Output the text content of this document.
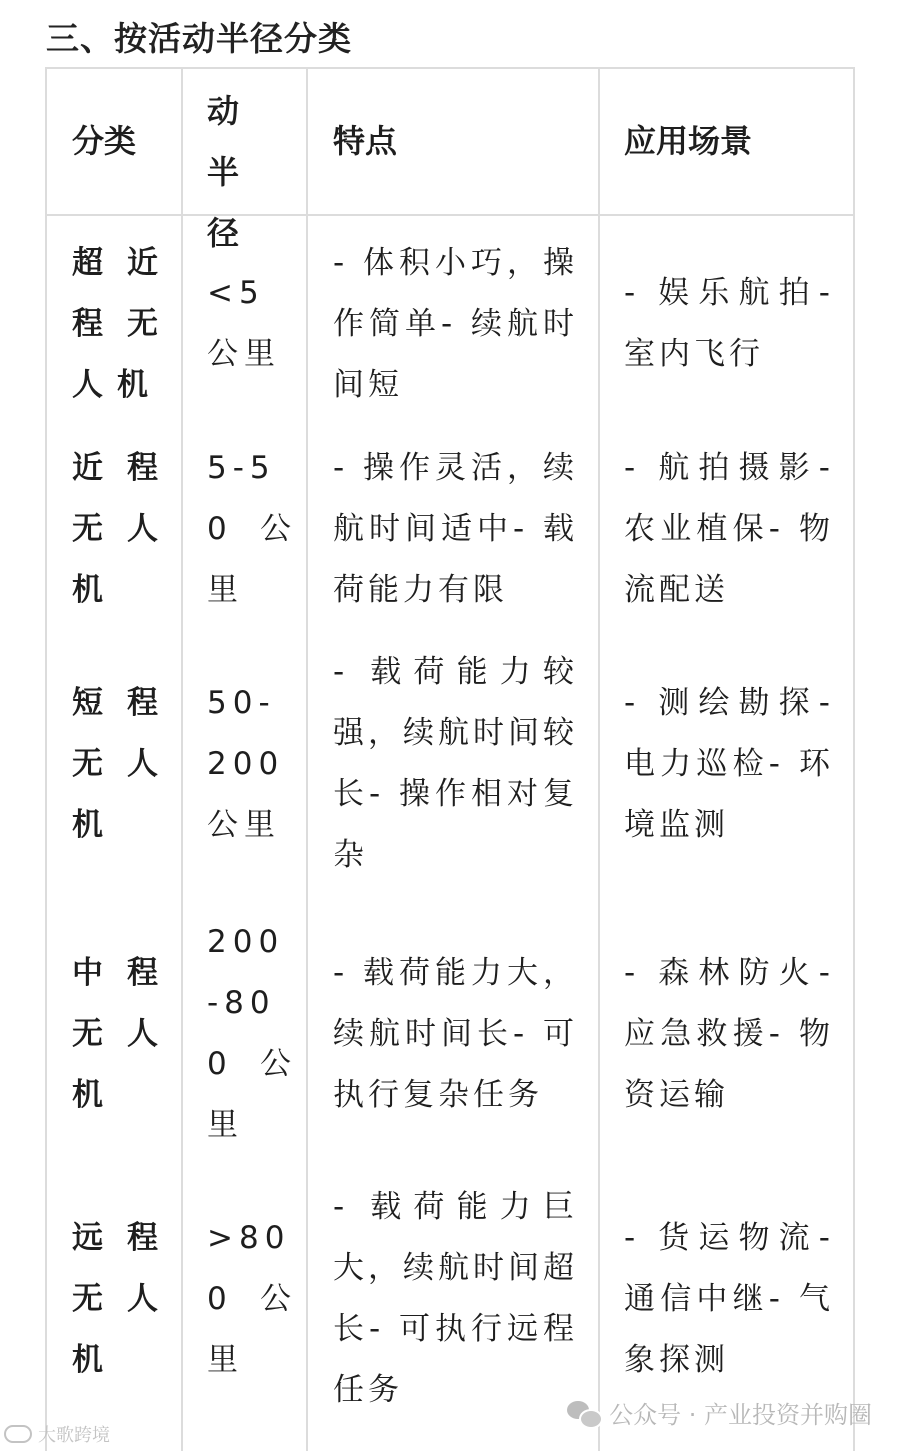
三、按活动半径分类
分类
动半径
特点	应用场景
超近程无人机
<5公里
- 体积小巧，操作简单- 续航时间短
- 娱乐航拍- 室内飞行
近程无人机
5-50公里
- 操作灵活，续航时间适中- 载荷能力有限
- 航拍摄影- 农业植保- 物流配送
短程无人机
50-200公里
- 载荷能力较强，续航时间较长- 操作相对复杂
- 测绘勘探- 电力巡检- 环境监测
中程无人机
200-800公里
- 载荷能力大，续航时间长- 可执行复杂任务
- 森林防火- 应急救援- 物资运输
远程无人机
>800公里
- 载荷能力巨大，续航时间超长- 可执行远程任务
- 货运物流- 通信中继- 气象探测
公众号 · 产业投资并购圈
大歌跨境
